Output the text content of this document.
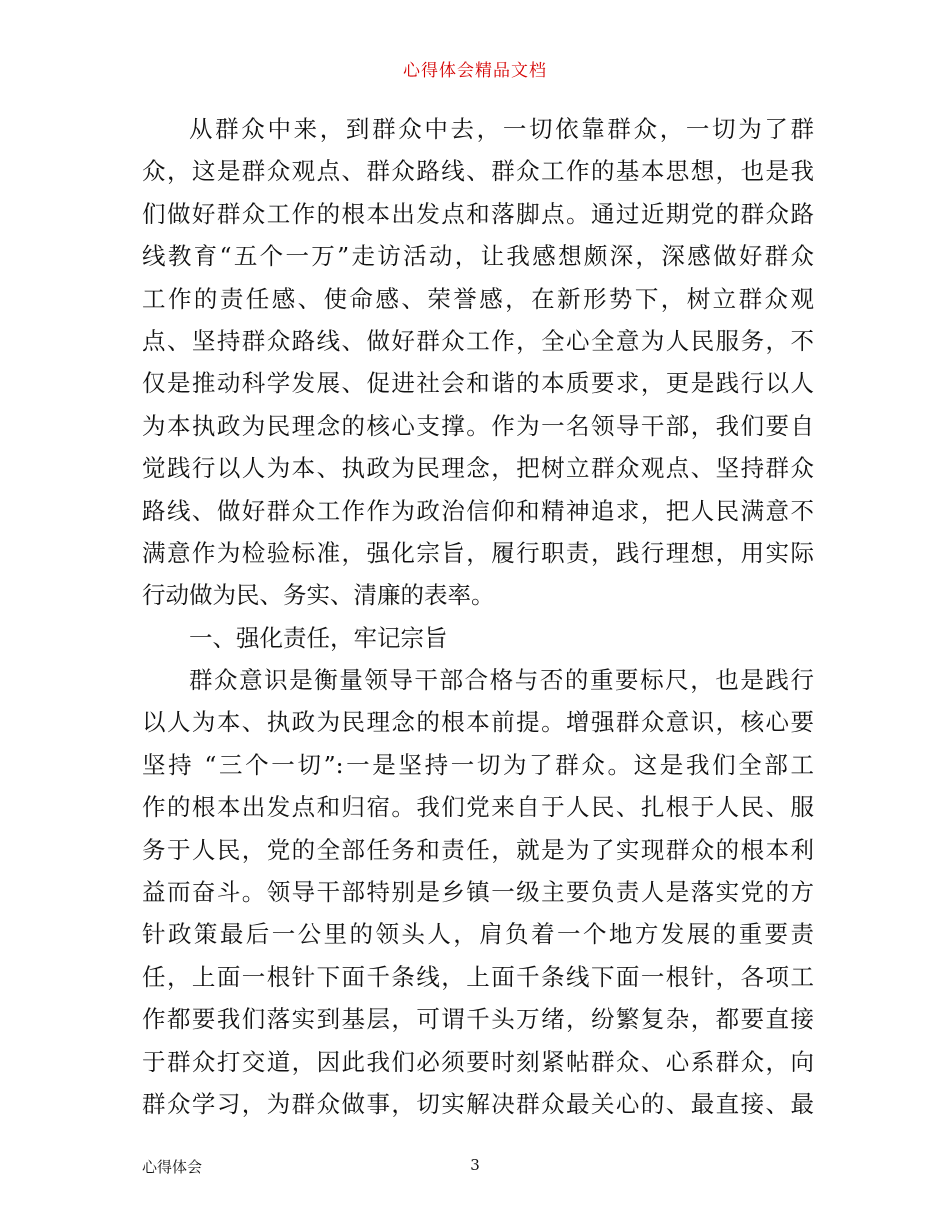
心得体会精品文档
从群众中来，到群众中去，一切依靠群众，一切为了群
众，这是群众观点、群众路线、群众工作的基本思想，也是我
们做好群众工作的根本出发点和落脚点。通过近期党的群众路
线教育“五个一万”走访活动，让我感想颇深，深感做好群众
工作的责任感、使命感、荣誉感，在新形势下，树立群众观
点、坚持群众路线、做好群众工作，全心全意为人民服务，不
仅是推动科学发展、促进社会和谐的本质要求，更是践行以人
为本执政为民理念的核心支撑。作为一名领导干部，我们要自
觉践行以人为本、执政为民理念，把树立群众观点、坚持群众
路线、做好群众工作作为政治信仰和精神追求，把人民满意不
满意作为检验标准，强化宗旨，履行职责，践行理想，用实际
行动做为民、务实、清廉的表率。
一、强化责任，牢记宗旨
群众意识是衡量领导干部合格与否的重要标尺，也是践行
以人为本、执政为民理念的根本前提。增强群众意识，核心要
坚持 “三个一切”:一是坚持一切为了群众。这是我们全部工
作的根本出发点和归宿。我们党来自于人民、扎根于人民、服
务于人民，党的全部任务和责任，就是为了实现群众的根本利
益而奋斗。领导干部特别是乡镇一级主要负责人是落实党的方
针政策最后一公里的领头人，肩负着一个地方发展的重要责
任，上面一根针下面千条线，上面千条线下面一根针，各项工
作都要我们落实到基层，可谓千头万绪，纷繁复杂，都要直接
于群众打交道，因此我们必须要时刻紧帖群众、心系群众，向
群众学习，为群众做事，切实解决群众最关心的、最直接、最
心得体会	3
